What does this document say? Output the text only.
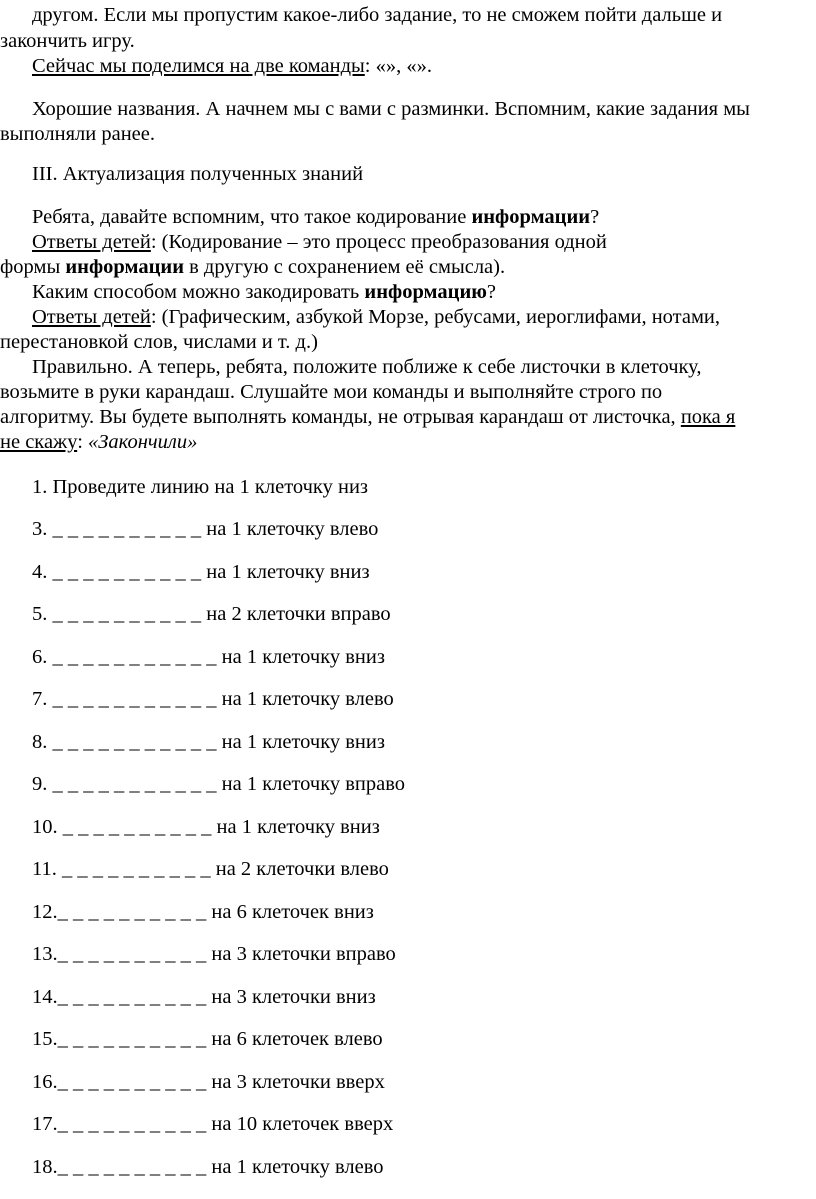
другом. Если мы пропустим какое-либо задание, то не сможем пойти дальше и
закончить игру.
Сейчас мы поделимся на две команды: «», «».
Хорошие названия. А начнем мы с вами с разминки. Вспомним, какие задания мы
выполняли ранее.
III. Актуализация полученных знаний
Ребята, давайте вспомним, что такое кодирование информации?
Ответы детей: (Кодирование – это процесс преобразования одной
формы информации в другую с сохранением её смысла).
Каким способом можно закодировать информацию?
Ответы детей: (Графическим, азбукой Морзе, ребусами, иероглифами, нотами,
перестановкой слов, числами и т. д.)
Правильно. А теперь, ребята, положите поближе к себе листочки в клеточку,
возьмите в руки карандаш. Слушайте мои команды и выполняйте строго по
алгоритму. Вы будете выполнять команды, не отрывая карандаш от листочка, пока я
не скажу: «Закончили»
1. Проведите линию на 1 клеточку низ
3. _ _ _ _ _ _ _ _ _ _ на 1 клеточку влево
4. _ _ _ _ _ _ _ _ _ _ на 1 клеточку вниз
5. _ _ _ _ _ _ _ _ _ _ на 2 клеточки вправо
6. _ _ _ _ _ _ _ _ _ _ _ на 1 клеточку вниз
7. _ _ _ _ _ _ _ _ _ _ _ на 1 клеточку влево
8. _ _ _ _ _ _ _ _ _ _ _ на 1 клеточку вниз
9. _ _ _ _ _ _ _ _ _ _ _ на 1 клеточку вправо
10. _ _ _ _ _ _ _ _ _ _ на 1 клеточку вниз
11. _ _ _ _ _ _ _ _ _ _ на 2 клеточки влево
12._ _ _ _ _ _ _ _ _ _ на 6 клеточек вниз
13._ _ _ _ _ _ _ _ _ _ на 3 клеточки вправо
14._ _ _ _ _ _ _ _ _ _ на 3 клеточки вниз
15._ _ _ _ _ _ _ _ _ _ на 6 клеточек влево
16._ _ _ _ _ _ _ _ _ _ на 3 клеточки вверх
17._ _ _ _ _ _ _ _ _ _ на 10 клеточек вверх
18._ _ _ _ _ _ _ _ _ _ на 1 клеточку влево
